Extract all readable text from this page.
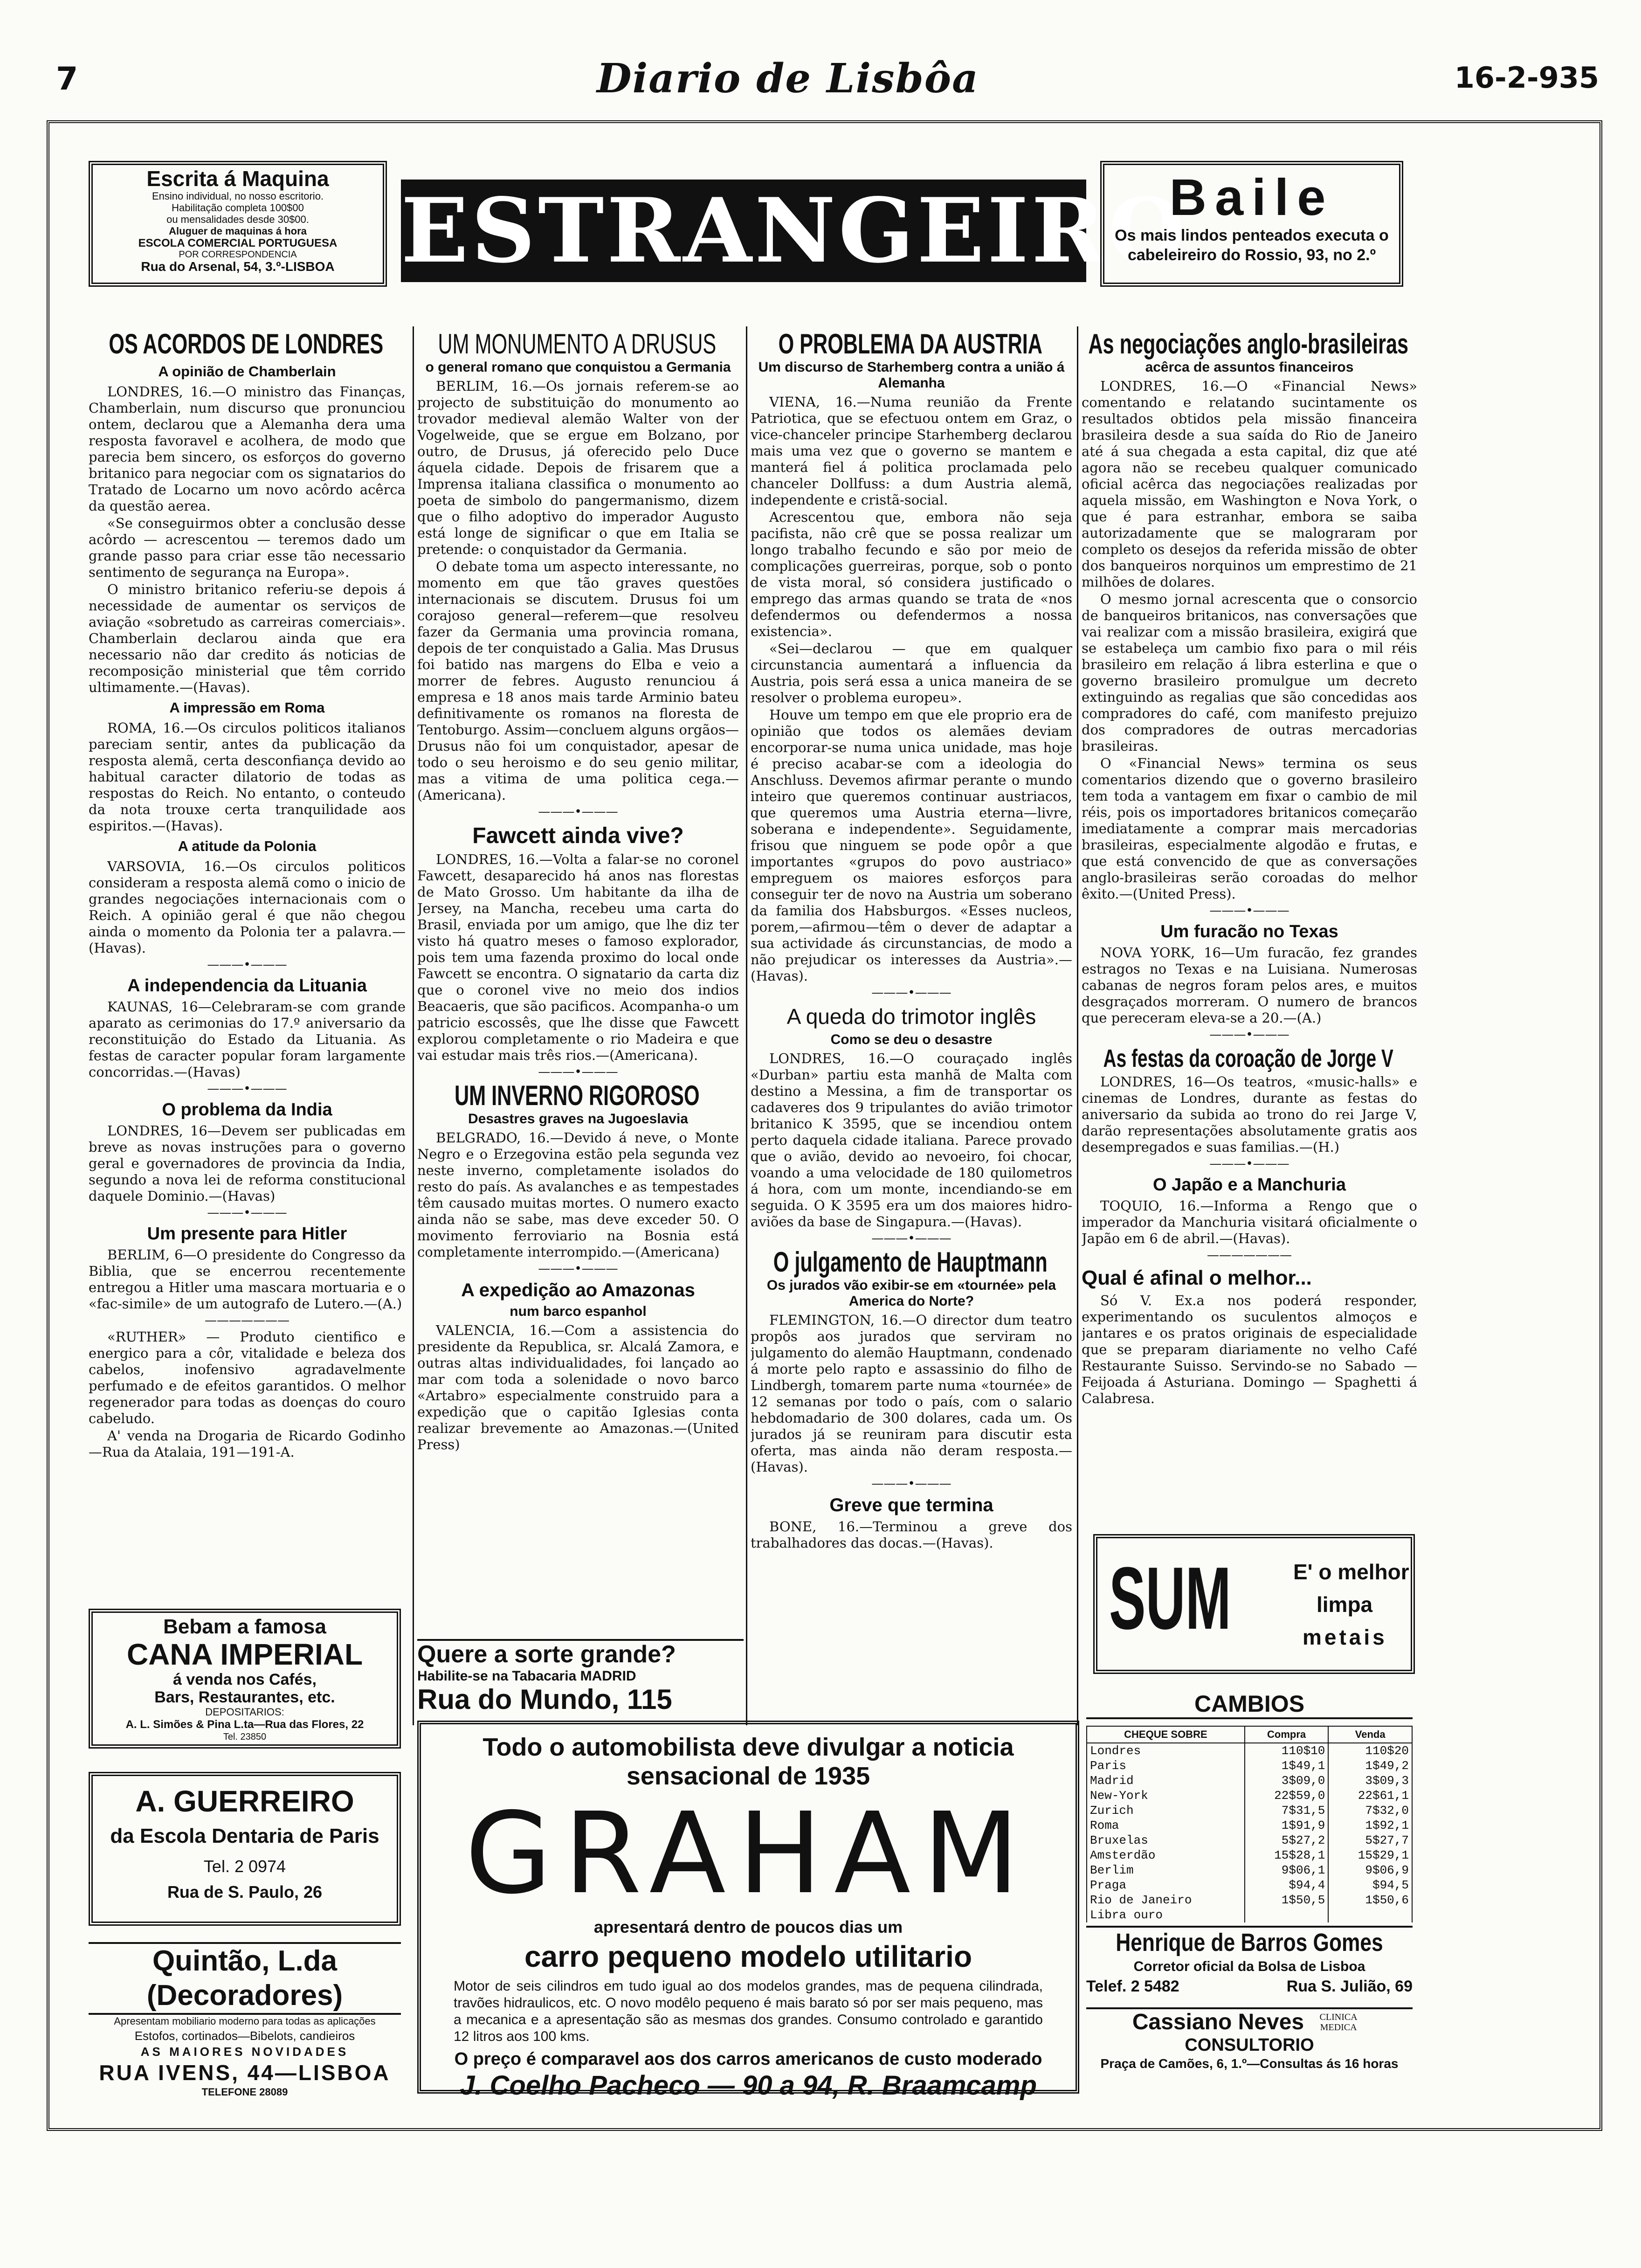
7	Diario de Lisbôa	16-2-935
Escrita á Maquina
Ensino individual, no nosso escritorio.
Habilitação completa 100$00
ou mensalidades desde 30$00.
Aluguer de maquinas á hora
ESCOLA COMERCIAL PORTUGUESA
POR CORRESPONDENCIA
Rua do Arsenal, 54, 3.º-LISBOA ESTRANGEIRO
Baile
Os mais lindos penteados executa o cabeleireiro do Rossio, 93, no 2.º
OS ACORDOS DE LONDRES

A opinião de Chamberlain

LONDRES, 16.—O ministro das Finanças, Chamberlain, num discurso que pronunciou ontem, declarou que a Alemanha dera uma resposta favoravel e acolhera, de modo que parecia bem sincero, os esforços do governo britanico para negociar com os signatarios do Tratado de Locarno um novo acôrdo acêrca da questão aerea.

«Se conseguirmos obter a conclusão desse acôrdo — acrescentou — teremos dado um grande passo para criar esse tão necessario sentimento de segurança na Europa».

O ministro britanico referiu-se depois á necessidade de aumentar os serviços de aviação «sobretudo as carreiras comerciais». Chamberlain declarou ainda que era necessario não dar credito ás noticias de recomposição ministerial que têm corrido ultimamente.—(Havas).

A impressão em Roma

ROMA, 16.—Os circulos politicos italianos pareciam sentir, antes da publicação da resposta alemã, certa desconfiança devido ao habitual caracter dilatorio de todas as respostas do Reich. No entanto, o conteudo da nota trouxe certa tranquilidade aos espiritos.—(Havas).

A atitude da Polonia

VARSOVIA, 16.—Os circulos politicos consideram a resposta alemã como o inicio de grandes negociações internacionais com o Reich. A opinião geral é que não chegou ainda o momento da Polonia ter a palavra.—(Havas).

———•———
A independencia da Lituania

KAUNAS, 16—Celebraram-se com grande aparato as cerimonias do 17.º aniversario da reconstituição do Estado da Lituania. As festas de caracter popular foram largamente concorridas.—(Havas)

———•———
O problema da India

LONDRES, 16—Devem ser publicadas em breve as novas instruções para o governo geral e governadores de provincia da India, segundo a nova lei de reforma constitucional daquele Dominio.—(Havas)

———•———
Um presente para Hitler

BERLIM, 6—O presidente do Congresso da Biblia, que se encerrou recentemente entregou a Hitler uma mascara mortuaria e o «fac-simile» de um autografo de Lutero.—(A.)

———————

«RUTHER» — Produto cientifico e energico para a côr, vitalidade e beleza dos cabelos, inofensivo agradavelmente perfumado e de efeitos garantidos. O melhor regenerador para todas as doenças do couro cabeludo.

A' venda na Drogaria de Ricardo Godinho—Rua da Atalaia, 191—191-A.

Bebam a famosa
CANA IMPERIAL
á venda nos Cafés,
Bars, Restaurantes, etc.
DEPOSITARIOS:
A. L. Simões & Pina L.ta—Rua das Flores, 22
Tel. 23850
A. GUERREIRO
da Escola Dentaria de Paris
Tel. 2 0974
Rua de S. Paulo, 26
Quintão, L.da (Decoradores)
Apresentam mobiliario moderno para todas as aplicações
Estofos, cortinados—Bibelots, candieiros
AS MAIORES NOVIDADES
RUA IVENS, 44—LISBOA
TELEFONE 28089
UM MONUMENTO A DRUSUS
o general romano que conquistou a Germania

BERLIM, 16.—Os jornais referem-se ao projecto de substituição do monumento ao trovador medieval alemão Walter von der Vogelweide, que se ergue em Bolzano, por outro, de Drusus, já oferecido pelo Duce áquela cidade. Depois de frisarem que a Imprensa italiana classifica o monumento ao poeta de simbolo do pangermanismo, dizem que o filho adoptivo do imperador Augusto está longe de significar o que em Italia se pretende: o conquistador da Germania.

O debate toma um aspecto interessante, no momento em que tão graves questões internacionais se discutem. Drusus foi um corajoso general—referem—que resolveu fazer da Germania uma provincia romana, depois de ter conquistado a Galia. Mas Drusus foi batido nas margens do Elba e veio a morrer de febres. Augusto renunciou á empresa e 18 anos mais tarde Arminio bateu definitivamente os romanos na floresta de Tentoburgo. Assim—concluem alguns orgãos—Drusus não foi um conquistador, apesar de todo o seu heroismo e do seu genio militar, mas a vitima de uma politica cega.—(Americana).

———•———
Fawcett ainda vive?

LONDRES, 16.—Volta a falar-se no coronel Fawcett, desaparecido há anos nas florestas de Mato Grosso. Um habitante da ilha de Jersey, na Mancha, recebeu uma carta do Brasil, enviada por um amigo, que lhe diz ter visto há quatro meses o famoso explorador, pois tem uma fazenda proximo do local onde Fawcett se encontra. O signatario da carta diz que o coronel vive no meio dos indios Beacaeris, que são pacificos. Acompanha-o um patricio escossês, que lhe disse que Fawcett explorou completamente o rio Madeira e que vai estudar mais três rios.—(Americana).

———•———
UM INVERNO RIGOROSO
Desastres graves na Jugoeslavia

BELGRADO, 16.—Devido á neve, o Monte Negro e o Erzegovina estão pela segunda vez neste inverno, completamente isolados do resto do país. As avalanches e as tempestades têm causado muitas mortes. O numero exacto ainda não se sabe, mas deve exceder 50. O movimento ferroviario na Bosnia está completamente interrompido.—(Americana)

———•———
A expedição ao Amazonas
num barco espanhol

VALENCIA, 16.—Com a assistencia do presidente da Republica, sr. Alcalá Zamora, e outras altas individualidades, foi lançado ao mar com toda a solenidade o novo barco «Artabro» especialmente construido para a expedição que o capitão Iglesias conta realizar brevemente ao Amazonas.—(United Press)

Quere a sorte grande?
Habilite-se na Tabacaria MADRID
Rua do Mundo, 115
O PROBLEMA DA AUSTRIA
Um discurso de Starhemberg contra a união á Alemanha

VIENA, 16.—Numa reunião da Frente Patriotica, que se efectuou ontem em Graz, o vice-chanceler principe Starhemberg declarou mais uma vez que o governo se mantem e manterá fiel á politica proclamada pelo chanceler Dollfuss: a dum Austria alemã, independente e cristã-social.

Acrescentou que, embora não seja pacifista, não crê que se possa realizar um longo trabalho fecundo e são por meio de complicações guerreiras, porque, sob o ponto de vista moral, só considera justificado o emprego das armas quando se trata de «nos defendermos ou defendermos a nossa existencia».

«Sei—declarou — que em qualquer circunstancia aumentará a influencia da Austria, pois será essa a unica maneira de se resolver o problema europeu».

Houve um tempo em que ele proprio era de opinião que todos os alemães deviam encorporar-se numa unica unidade, mas hoje é preciso acabar-se com a ideologia do Anschluss. Devemos afirmar perante o mundo inteiro que queremos continuar austriacos, que queremos uma Austria eterna—livre, soberana e independente». Seguidamente, frisou que ninguem se pode opôr a que importantes «grupos do povo austriaco» empreguem os maiores esforços para conseguir ter de novo na Austria um soberano da familia dos Habsburgos. «Esses nucleos, porem,—afirmou—têm o dever de adaptar a sua actividade ás circunstancias, de modo a não prejudicar os interesses da Austria».—(Havas).

———•———
A queda do trimotor inglês
Como se deu o desastre

LONDRES, 16.—O couraçado inglês «Durban» partiu esta manhã de Malta com destino a Messina, a fim de transportar os cadaveres dos 9 tripulantes do avião trimotor britanico K 3595, que se incendiou ontem perto daquela cidade italiana. Parece provado que o avião, devido ao nevoeiro, foi chocar, voando a uma velocidade de 180 quilometros á hora, com um monte, incendiando-se em seguida. O K 3595 era um dos maiores hidro-aviões da base de Singapura.—(Havas).

———•———
O julgamento de Hauptmann
Os jurados vão exibir-se em «tournée» pela America do Norte?

FLEMINGTON, 16.—O director dum teatro propôs aos jurados que serviram no julgamento do alemão Hauptmann, condenado á morte pelo rapto e assassinio do filho de Lindbergh, tomarem parte numa «tournée» de 12 semanas por todo o país, com o salario hebdomadario de 300 dolares, cada um. Os jurados já se reuniram para discutir esta oferta, mas ainda não deram resposta.—(Havas).

———•———
Greve que termina

BONE, 16.—Terminou a greve dos trabalhadores das docas.—(Havas).

As negociações anglo-brasileiras
acêrca de assuntos financeiros

LONDRES, 16.—O «Financial News» comentando e relatando sucintamente os resultados obtidos pela missão financeira brasileira desde a sua saída do Rio de Janeiro até á sua chegada a esta capital, diz que até agora não se recebeu qualquer comunicado oficial acêrca das negociações realizadas por aquela missão, em Washington e Nova York, o que é para estranhar, embora se saiba autorizadamente que se malograram por completo os desejos da referida missão de obter dos banqueiros norquinos um emprestimo de 21 milhões de dolares.

O mesmo jornal acrescenta que o consorcio de banqueiros britanicos, nas conversações que vai realizar com a missão brasileira, exigirá que se estabeleça um cambio fixo para o mil réis brasileiro em relação á libra esterlina e que o governo brasileiro promulgue um decreto extinguindo as regalias que são concedidas aos compradores do café, com manifesto prejuizo dos compradores de outras mercadorias brasileiras.

O «Financial News» termina os seus comentarios dizendo que o governo brasileiro tem toda a vantagem em fixar o cambio de mil réis, pois os importadores britanicos começarão imediatamente a comprar mais mercadorias brasileiras, especialmente algodão e frutas, e que está convencido de que as conversações anglo-brasileiras serão coroadas do melhor êxito.—(United Press).

———•———
Um furacão no Texas

NOVA YORK, 16—Um furacão, fez grandes estragos no Texas e na Luisiana. Numerosas cabanas de negros foram pelos ares, e muitos desgraçados morreram. O numero de brancos que pereceram eleva-se a 20.—(A.)

———•———
As festas da coroação de Jorge V

LONDRES, 16—Os teatros, «music-halls» e cinemas de Londres, durante as festas do aniversario da subida ao trono do rei Jarge V, darão representações absolutamente gratis aos desempregados e suas familias.—(H.)

———•———
O Japão e a Manchuria

TOQUIO, 16.—Informa a Rengo que o imperador da Manchuria visitará oficialmente o Japão em 6 de abril.—(Havas).

———————
Qual é afinal o melhor...

Só V. Ex.a nos poderá responder, experimentando os suculentos almoços e jantares e os pratos originais de especialidade que se preparam diariamente no velho Café Restaurante Suisso. Servindo-se no Sabado — Feijoada á Asturiana. Domingo — Spaghetti á Calabresa.

SUM	E' o melhor
limpa
metais
CAMBIOS
CHEQUE SOBRE	Compra	Venda
Londres	110$10	110$20
Paris	1$49,1	1$49,2
Madrid	3$09,0	3$09,3
New-York	22$59,0	22$61,1
Zurich	7$31,5	7$32,0
Roma	1$91,9	1$92,1
Bruxelas	5$27,2	5$27,7
Amsterdão	15$28,1	15$29,1
Berlim	9$06,1	9$06,9
Praga	$94,4	$94,5
Rio de Janeiro	1$50,5	1$50,6
Libra ouro		
Henrique de Barros Gomes
Corretor oficial da Bolsa de Lisboa
Telef. 2 5482	Rua S. Julião, 69
Cassiano Neves	CLINICA MEDICA
CONSULTORIO
Praça de Camões, 6, 1.º—Consultas ás 16 horas
Todo o automobilista deve divulgar a noticia
sensacional de 1935
GRAHAM
apresentará dentro de poucos dias um
carro pequeno modelo utilitario
Motor de seis cilindros em tudo igual ao dos modelos grandes, mas de pequena cilindrada, travões hidraulicos, etc. O novo modêlo pequeno é mais barato só por ser mais pequeno, mas a mecanica e a apresentação são as mesmas dos grandes. Consumo controlado e garantido 12 litros aos 100 kms.
O preço é comparavel aos dos carros americanos de custo moderado
J. Coelho Pacheco — 90 a 94, R. Braamcamp
